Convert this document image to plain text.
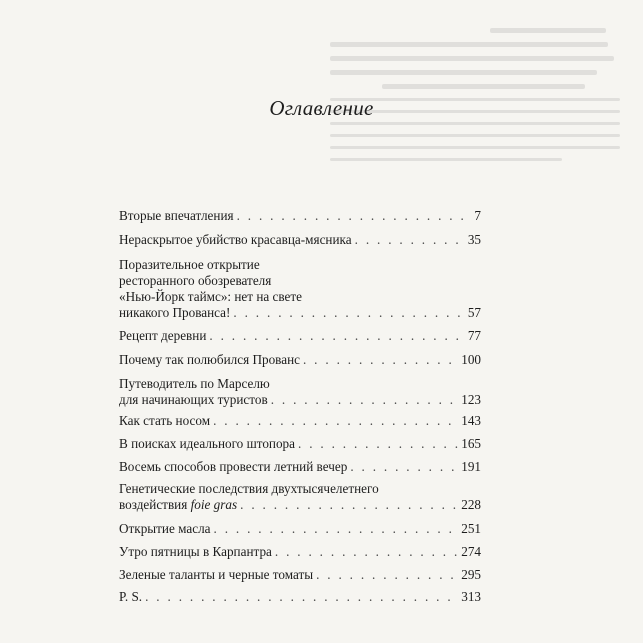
Оглавление
Вторые впечатления . . .	7
Нераскрытое убийство красавца-мясника . . .	35
Поразительное открытие
ресторанного обозревателя
«Нью-Йорк таймс»: нет на свете
никакого Прованса! . . .	57
Рецепт деревни . . .	77
Почему так полюбился Прованс . . .	100
Путеводитель по Марселю
для начинающих туристов . . .	123
Как стать носом . . .	143
В поисках идеального штопора . . .	165
Восемь способов провести летний вечер . . .	191
Генетические последствия двухтысячелетнего
воздействия foie gras . . .	228
Открытие масла . . .	251
Утро пятницы в Карпантра . . .	274
Зеленые таланты и черные томаты . . .	295
P. S. . . .	313
